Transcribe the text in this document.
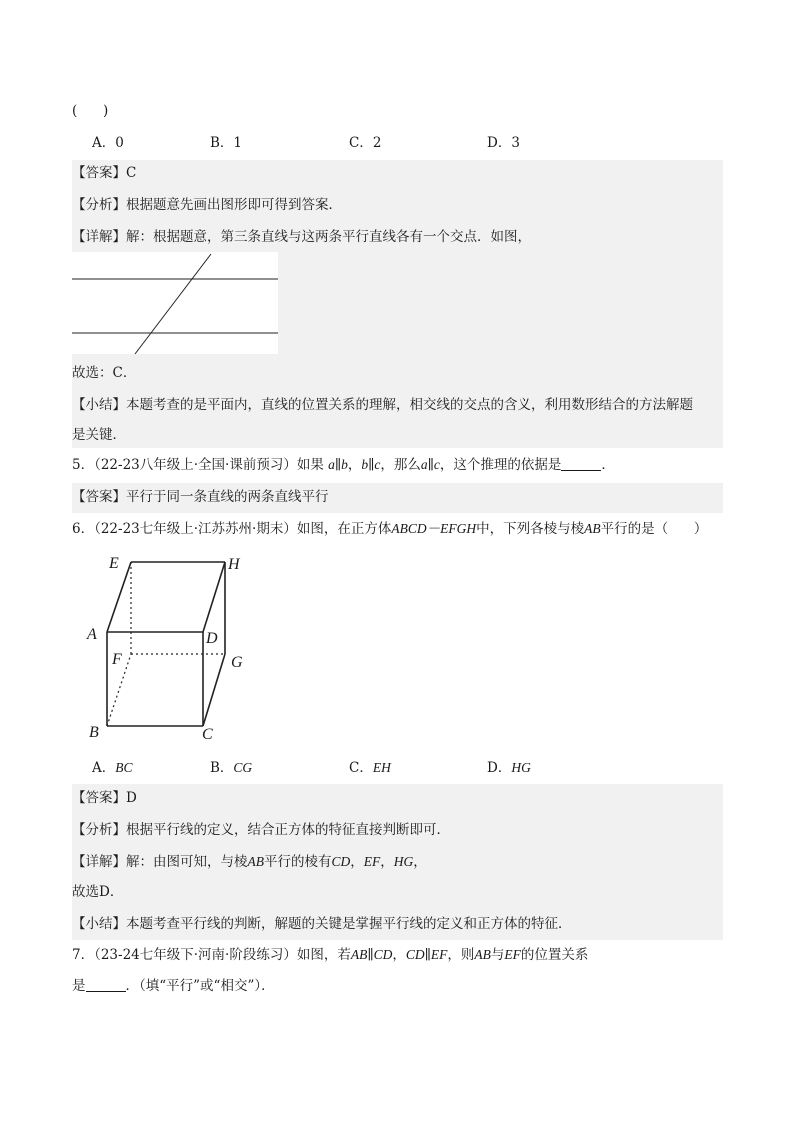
(      )
A．0	B．1	C．2	D．3
【答案】C
【分析】根据题意先画出图形即可得到答案．
【详解】解：根据题意，第三条直线与这两条平行直线各有一个交点．如图，
故选：C．
【小结】本题考查的是平面内，直线的位置关系的理解，相交线的交点的含义，利用数形结合的方法解题
是关键．
5．（22-23八年级上·全国·课前预习）如果 a∥b，b∥c，那么a∥c，这个推理的依据是	．
【答案】平行于同一条直线的两条直线平行
6．（22-23七年级上·江苏苏州·期末）如图，在正方体ABCD－EFGH中，下列各棱与棱AB平行的是（      ）
E	H
A	D
F	G
B	C
A．BC	B．CG	C．EH	D．HG
【答案】D
【分析】根据平行线的定义，结合正方体的特征直接判断即可．
【详解】解：由图可知，与棱AB平行的棱有CD，EF，HG，
故选D．
【小结】本题考查平行线的判断，解题的关键是掌握平行线的定义和正方体的特征．
7．（23-24七年级下·河南·阶段练习）如图，若AB∥CD，CD∥EF，则AB与EF的位置关系
是	．（填“平行”或“相交”）．
